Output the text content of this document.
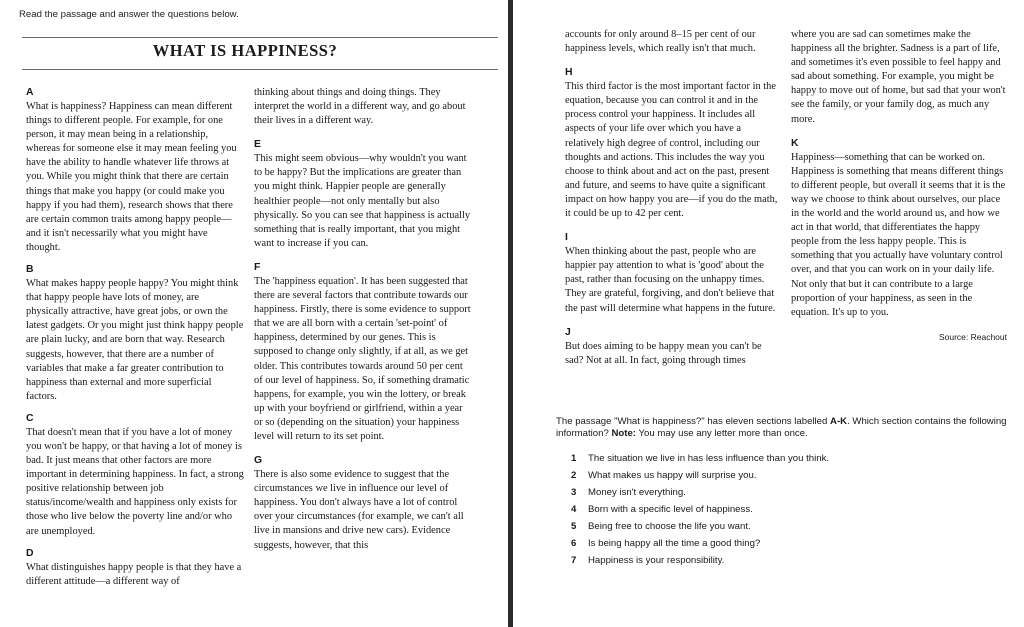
Read the passage and answer the questions below.
WHAT IS HAPPINESS?
A

What is happiness? Happiness can mean different things to different people. For example, for one person, it may mean being in a relationship, whereas for someone else it may mean feeling you have the ability to handle whatever life throws at you. While you might think that there are certain things that make you happy (or could make you happy if you had them), research shows that there are certain common traits among happy people—and it isn't necessarily what you might have thought.

B

What makes happy people happy? You might think that happy people have lots of money, are physically attractive, have great jobs, or own the latest gadgets. Or you might just think happy people are plain lucky, and are born that way. Research suggests, however, that there are a number of variables that make a far greater contribution to happiness than external and more superficial factors.

C

That doesn't mean that if you have a lot of money you won't be happy, or that having a lot of money is bad. It just means that other factors are more important in determining happiness. In fact, a strong positive relationship between job status/income/wealth and happiness only exists for those who live below the poverty line and/or who are unemployed.

D

What distinguishes happy people is that they have a different attitude—a different way of

thinking about things and doing things. They interpret the world in a different way, and go about their lives in a different way.

E

This might seem obvious—why wouldn't you want to be happy? But the implications are greater than you might think. Happier people are generally healthier people—not only mentally but also physically. So you can see that happiness is actually something that is really important, that you might want to increase if you can.

F

The 'happiness equation'. It has been suggested that there are several factors that contribute towards our happiness. Firstly, there is some evidence to support that we are all born with a certain 'set-point' of happiness, determined by our genes. This is supposed to change only slightly, if at all, as we get older. This contributes towards around 50 per cent of our level of happiness. So, if something dramatic happens, for example, you win the lottery, or break up with your boyfriend or girlfriend, within a year or so (depending on the situation) your happiness level will return to its set point.

G

There is also some evidence to suggest that the circumstances we live in influence our level of happiness. You don't always have a lot of control over your circumstances (for example, we can't all live in mansions and drive new cars). Evidence suggests, however, that this

accounts for only around 8–15 per cent of our happiness levels, which really isn't that much.

H

This third factor is the most important factor in the equation, because you can control it and in the process control your happiness. It includes all aspects of your life over which you have a relatively high degree of control, including our thoughts and actions. This includes the way you choose to think about and act on the past, present and future, and seems to have quite a significant impact on how happy you are—if you do the math, it could be up to 42 per cent.

I

When thinking about the past, people who are happier pay attention to what is 'good' about the past, rather than focusing on the unhappy times. They are grateful, forgiving, and don't believe that the past will determine what happens in the future.

J

But does aiming to be happy mean you can't be sad? Not at all. In fact, going through times

where you are sad can sometimes make the happiness all the brighter. Sadness is a part of life, and sometimes it's even possible to feel happy and sad about something. For example, you might be happy to move out of home, but sad that your won't see the family, or your family dog, as much any more.

K

Happiness—something that can be worked on. Happiness is something that means different things to different people, but overall it seems that it is the way we choose to think about ourselves, our place in the world and the world around us, and how we act in that world, that differentiates the happy people from the less happy people. This is something that you actually have voluntary control over, and that you can work on in your daily life. Not only that but it can contribute to a large proportion of your happiness, as seen in the equation. It's up to you.

Source: Reachout

The passage "What is happiness?" has eleven sections labelled A-K. Which section contains the following information? Note: You may use any letter more than once.
1	The situation we live in has less influence than you think.
2	What makes us happy will surprise you.
3	Money isn't everything.
4	Born with a specific level of happiness.
5	Being free to choose the life you want.
6	Is being happy all the time a good thing?
7	Happiness is your responsibility.
